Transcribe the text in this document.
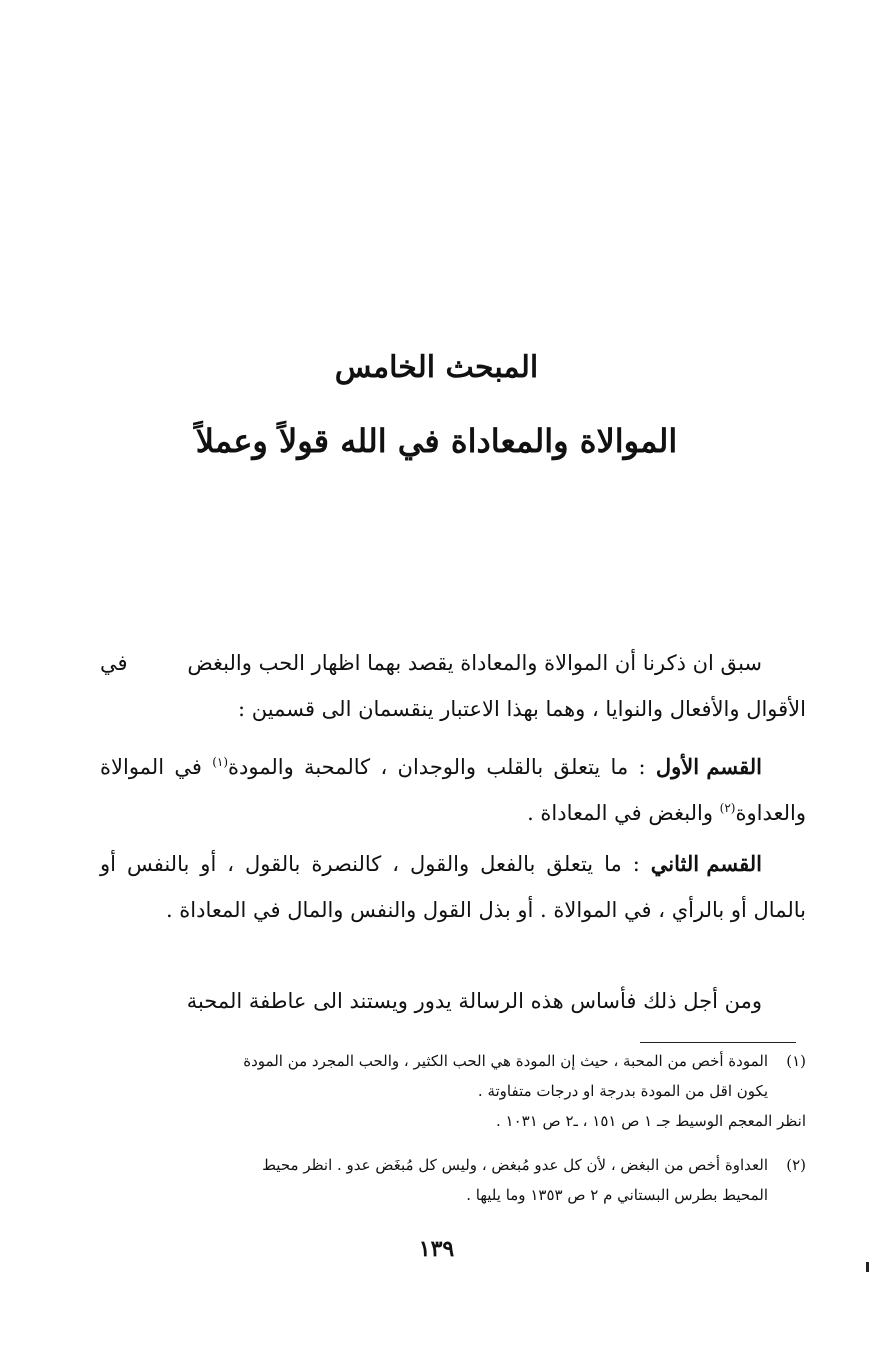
المبحث الخامس
الموالاة والمعاداة في الله قولاً وعملاً
سبق ان ذكرنا أن الموالاة والمعاداة يقصد بهما اظهار الحب والبغض في الأقوال والأفعال والنوايا ، وهما بهذا الاعتبار ينقسمان الى قسمين :
القسم الأول : ما يتعلق بالقلب والوجدان ، كالمحبة والمودة$^{(١)}$ في الموالاة والعداوة$^{(٢)}$ والبغض في المعاداة .
القسم الثاني : ما يتعلق بالفعل والقول ، كالنصرة بالقول ، أو بالنفس أو بالمال أو بالرأي ، في الموالاة . أو بذل القول والنفس والمال في المعاداة .
ومن أجل ذلك فأساس هذه الرسالة يدور ويستند الى عاطفة المحبة
(١)المودة أخص من المحبة ، حيث إن المودة هي الحب الكثير ، والحب المجرد من المودة
يكون اقل من المودة بدرجة او درجات متفاوتة .
انظر المعجم الوسيط جـ ١ ص ١٥١ ، ـ٢ ص ١٠٣١ .
(٢)العداوة أخص من البغض ، لأن كل عدو مُبغض ، وليس كل مُبغَض عدو . انظر محيط
المحيط بطرس البستاني م ٢ ص ١٣٥٣ وما يليها .
١٣٩
